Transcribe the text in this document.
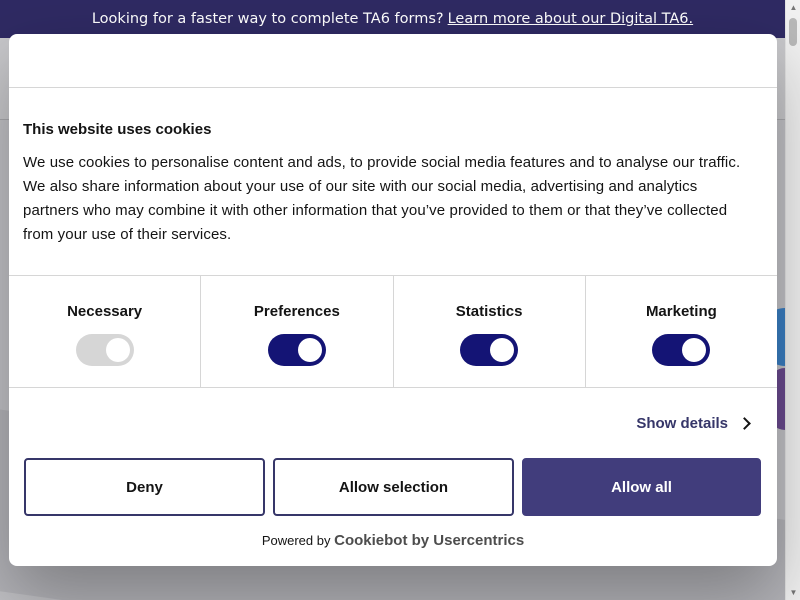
Looking for a faster way to complete TA6 forms? Learn more about our Digital TA6.
▲
▼
This website uses cookies
We use cookies to personalise content and ads, to provide social media features and to analyse our traffic. We also share information about your use of our site with our social media, advertising and analytics partners who may combine it with other information that you’ve provided to them or that they’ve collected from your use of their services.
Necessary	Preferences	Statistics	Marketing
Show details
Deny	Allow selection	Allow all
Powered by Cookiebot by Usercentrics
